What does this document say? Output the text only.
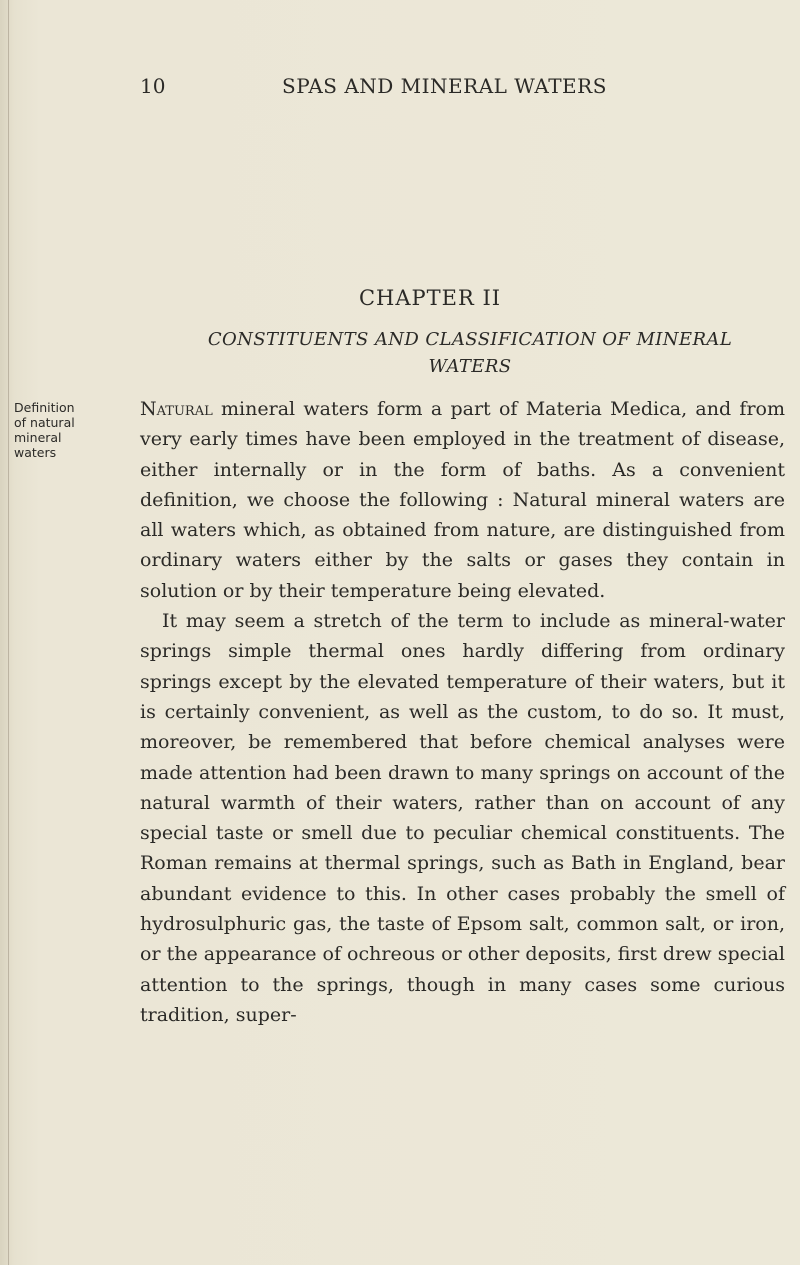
10	SPAS AND MINERAL WATERS
CHAPTER II
CONSTITUENTS AND CLASSIFICATION OF MINERAL
WATERS
Definition
of natural
mineral
waters

Natural mineral waters form a part of Materia Medica, and from very early times have been employed in the treatment of disease, either internally or in the form of baths. As a convenient definition, we choose the following : Natural mineral waters are all waters which, as obtained from nature, are distinguished from ordinary waters either by the salts or gases they contain in solution or by their temperature being elevated.

It may seem a stretch of the term to include as mineral-water springs simple thermal ones hardly differing from ordinary springs except by the elevated temperature of their waters, but it is certainly convenient, as well as the custom, to do so. It must, moreover, be remembered that before chemical analyses were made attention had been drawn to many springs on account of the natural warmth of their waters, rather than on account of any special taste or smell due to peculiar chemical constituents. The Roman remains at thermal springs, such as Bath in England, bear abundant evidence to this. In other cases probably the smell of hydrosulphuric gas, the taste of Epsom salt, common salt, or iron, or the appearance of ochreous or other deposits, first drew special attention to the springs, though in many cases some curious tradition, super-
